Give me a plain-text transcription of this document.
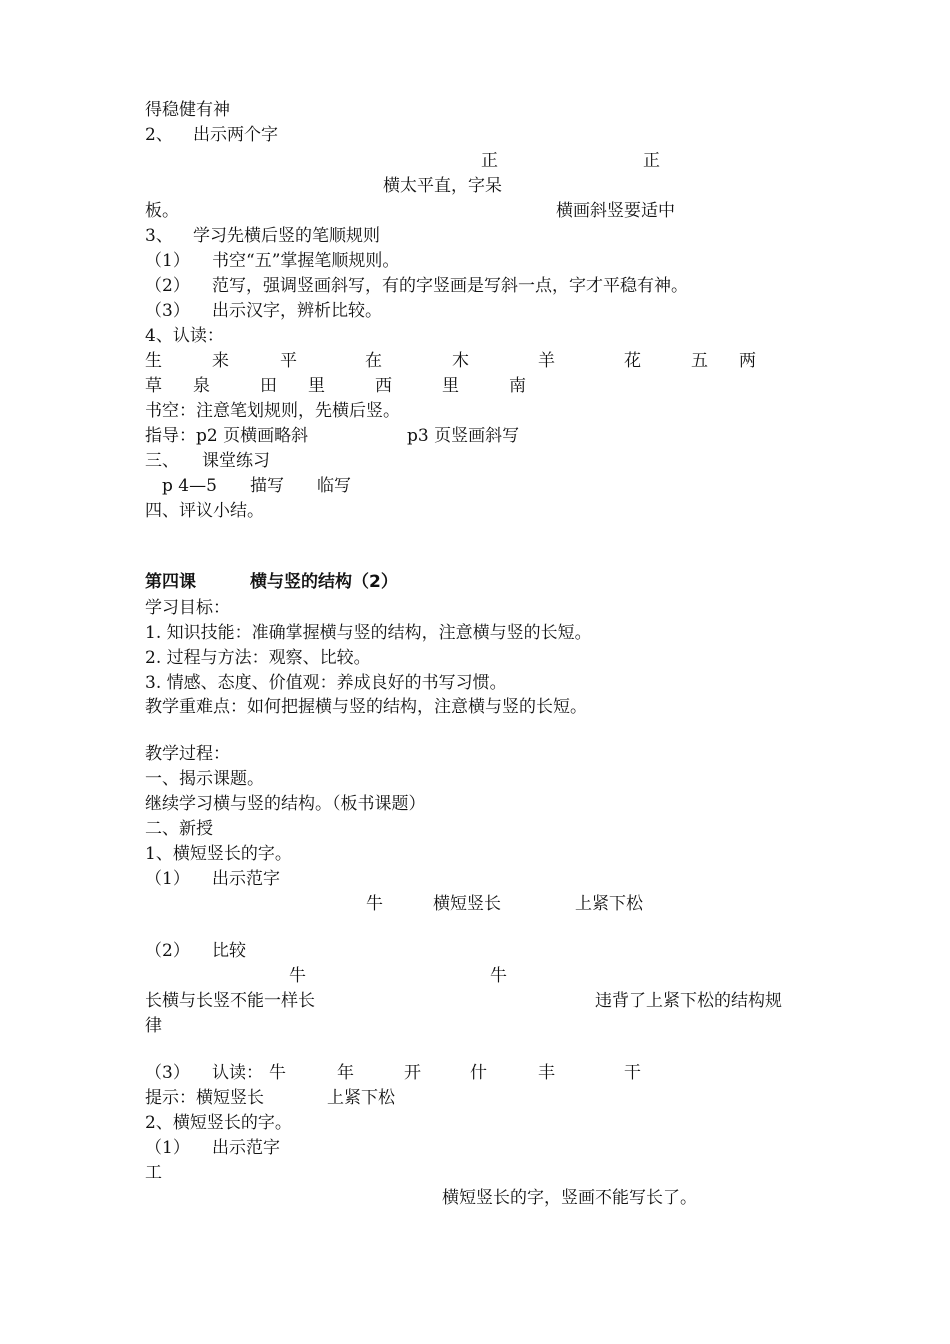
得稳健有神
2、 出示两个字
正	正
横太平直，字呆
板。	横画斜竖要适中
3、 学习先横后竖的笔顺规则
（1） 书空“五”掌握笔顺规则。
（2） 范写，强调竖画斜写，有的字竖画是写斜一点，字才平稳有神。
（3） 出示汉字，辨析比较。
4、认读：
生	来	平	在	木	羊	花	五 两
草 泉	田 里	西	里	南
书空：注意笔划规则，先横后竖。
指导：p2 页横画略斜	p3 页竖画斜写
三、 课堂练习
p 4—5 描写 临写
四、评议小结。
第四课	横与竖的结构（2）
学习目标：
1. 知识技能：准确掌握横与竖的结构，注意横与竖的长短。
2. 过程与方法：观察、比较。
3. 情感、态度、价值观：养成良好的书写习惯。
教学重难点：如何把握横与竖的结构，注意横与竖的长短。
教学过程：
一、揭示课题。
继续学习横与竖的结构。（板书课题）
二、新授
1、横短竖长的字。
（1） 出示范字
牛	横短竖长	上紧下松
（2） 比较
牛	牛
长横与长竖不能一样长	违背了上紧下松的结构规
律
（3） 认读： 牛	年	开	什	丰	干
提示：横短竖长	上紧下松
2、横短竖长的字。
（1） 出示范字
工
横短竖长的字，竖画不能写长了。
